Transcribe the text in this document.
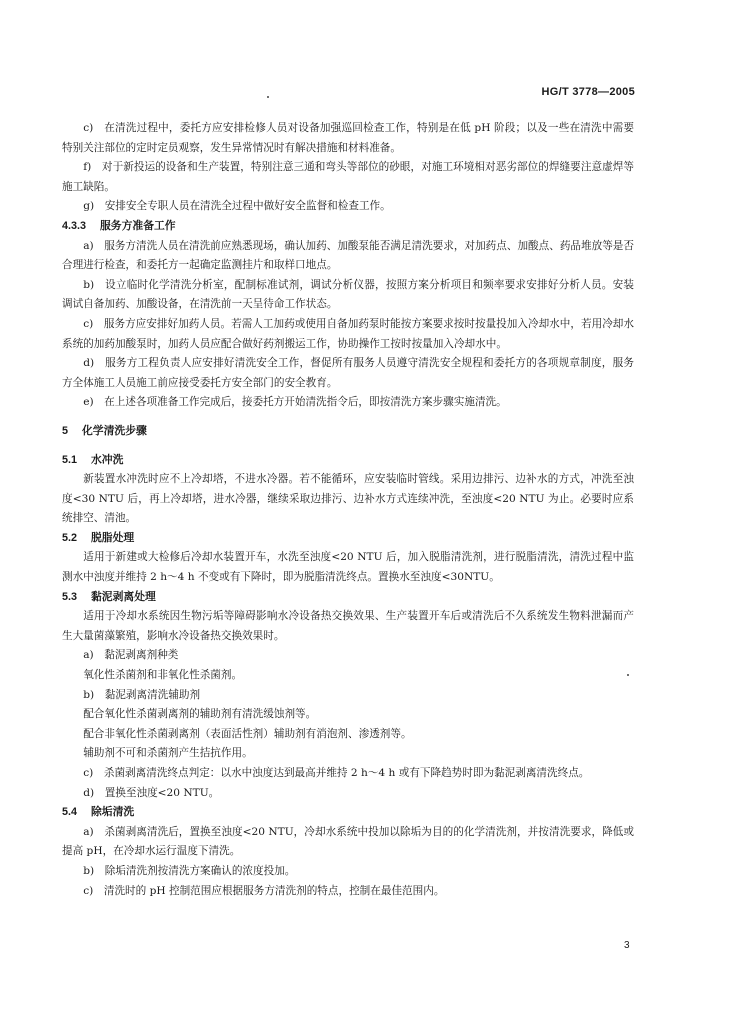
HG/T 3778—2005

c)　在清洗过程中，委托方应安排检修人员对设备加强巡回检查工作，特别是在低 pH 阶段；以及一些在清洗中需要特别关注部位的定时定员观察，发生异常情况时有解决措施和材料准备。

f)　对于新投运的设备和生产装置，特别注意三通和弯头等部位的砂眼，对施工环境相对恶劣部位的焊缝要注意虚焊等施工缺陷。

g)　安排安全专职人员在清洗全过程中做好安全监督和检查工作。

4.3.3 服务方准备工作

a)　服务方清洗人员在清洗前应熟悉现场，确认加药、加酸泵能否满足清洗要求，对加药点、加酸点、药品堆放等是否合理进行检查，和委托方一起确定监测挂片和取样口地点。

b)　设立临时化学清洗分析室，配制标准试剂，调试分析仪器，按照方案分析项目和频率要求安排好分析人员。安装调试自备加药、加酸设备，在清洗前一天呈待命工作状态。

c)　服务方应安排好加药人员。若需人工加药或使用自备加药泵时能按方案要求按时按量投加入冷却水中，若用冷却水系统的加药加酸泵时，加药人员应配合做好药剂搬运工作，协助操作工按时按量加入冷却水中。

d)　服务方工程负责人应安排好清洗安全工作，督促所有服务人员遵守清洗安全规程和委托方的各项规章制度，服务方全体施工人员施工前应接受委托方安全部门的安全教育。

e)　在上述各项准备工作完成后，接委托方开始清洗指令后，即按清洗方案步骤实施清洗。

5 化学清洗步骤

5.1 水冲洗

新装置水冲洗时应不上冷却塔，不进水冷器。若不能循环，应安装临时管线。采用边排污、边补水的方式，冲洗至浊度<30 NTU 后，再上冷却塔，进水冷器，继续采取边排污、边补水方式连续冲洗，至浊度<20 NTU 为止。必要时应系统排空、清池。

5.2 脱脂处理

适用于新建或大检修后冷却水装置开车，水洗至浊度<20 NTU 后，加入脱脂清洗剂，进行脱脂清洗，清洗过程中监测水中浊度并维持 2 h～4 h 不变或有下降时，即为脱脂清洗终点。置换水至浊度<30NTU。

5.3 黏泥剥离处理

适用于冷却水系统因生物污垢等障碍影响水冷设备热交换效果、生产装置开车后或清洗后不久系统发生物料泄漏而产生大量菌藻繁殖，影响水冷设备热交换效果时。

a)　黏泥剥离剂种类

氧化性杀菌剂和非氧化性杀菌剂。

b)　黏泥剥离清洗辅助剂

配合氧化性杀菌剥离剂的辅助剂有清洗缓蚀剂等。

配合非氧化性杀菌剥离剂（表面活性剂）辅助剂有消泡剂、渗透剂等。

辅助剂不可和杀菌剂产生拮抗作用。

c)　杀菌剥离清洗终点判定：以水中浊度达到最高并维持 2 h～4 h 或有下降趋势时即为黏泥剥离清洗终点。

d)　置换至浊度<20 NTU。

5.4 除垢清洗

a)　杀菌剥离清洗后，置换至浊度<20 NTU，冷却水系统中投加以除垢为目的的化学清洗剂，并按清洗要求，降低或提高 pH，在冷却水运行温度下清洗。

b)　除垢清洗剂按清洗方案确认的浓度投加。

c)　清洗时的 pH 控制范围应根据服务方清洗剂的特点，控制在最佳范围内。

3
